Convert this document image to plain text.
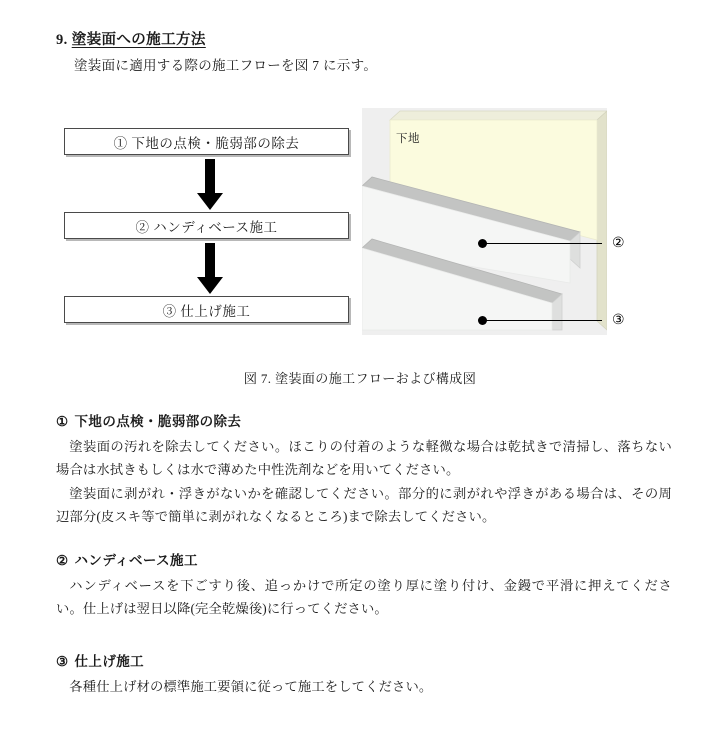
9. 塗装面への施工方法
塗装面に適用する際の施工フローを図 7 に示す。
① 下地の点検・脆弱部の除去
② ハンディベース施工
③ 仕上げ施工
下地
②
③
図 7. 塗装面の施工フローおよび構成図
① 下地の点検・脆弱部の除去

塗装面の汚れを除去してください。ほこりの付着のような軽微な場合は乾拭きで清掃し、落ちない場合は水拭きもしくは水で薄めた中性洗剤などを用いてください。

塗装面に剥がれ・浮きがないかを確認してください。部分的に剥がれや浮きがある場合は、その周辺部分(皮スキ等で簡単に剥がれなくなるところ)まで除去してください。

② ハンディベース施工

ハンディベースを下ごすり後、追っかけで所定の塗り厚に塗り付け、金鏝で平滑に押えてください。仕上げは翌日以降(完全乾燥後)に行ってください。

③ 仕上げ施工

各種仕上げ材の標準施工要領に従って施工をしてください。
